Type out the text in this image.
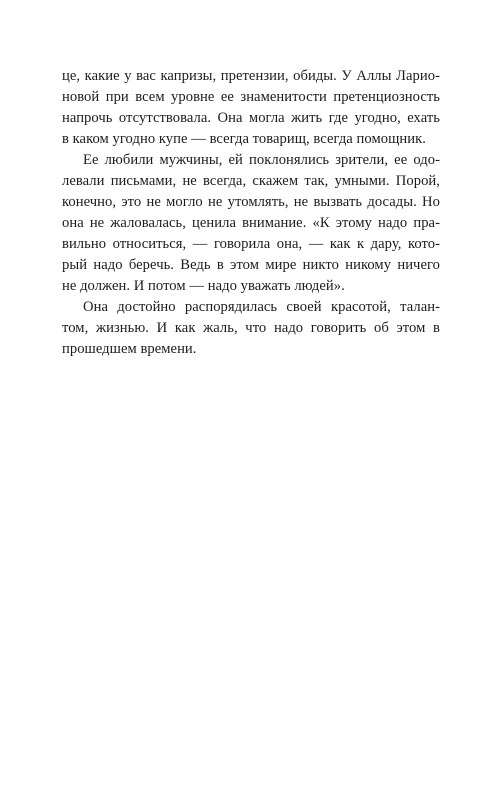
це, какие у вас капризы, претензии, обиды. У Аллы Ларио-
новой при всем уровне ее знаменитости претенциозность
напрочь отсутствовала. Она могла жить где угодно, ехать
в каком угодно купе — всегда товарищ, всегда помощник.
Ее любили мужчины, ей поклонялись зрители, ее одо-
левали письмами, не всегда, скажем так, умными. Порой,
конечно, это не могло не утомлять, не вызвать досады. Но
она не жаловалась, ценила внимание. «К этому надо пра-
вильно относиться, — говорила она, — как к дару, кото-
рый надо беречь. Ведь в этом мире никто никому ничего
не должен. И потом — надо уважать людей».
Она достойно распорядилась своей красотой, талан-
том, жизнью. И как жаль, что надо говорить об этом в
прошедшем времени.
